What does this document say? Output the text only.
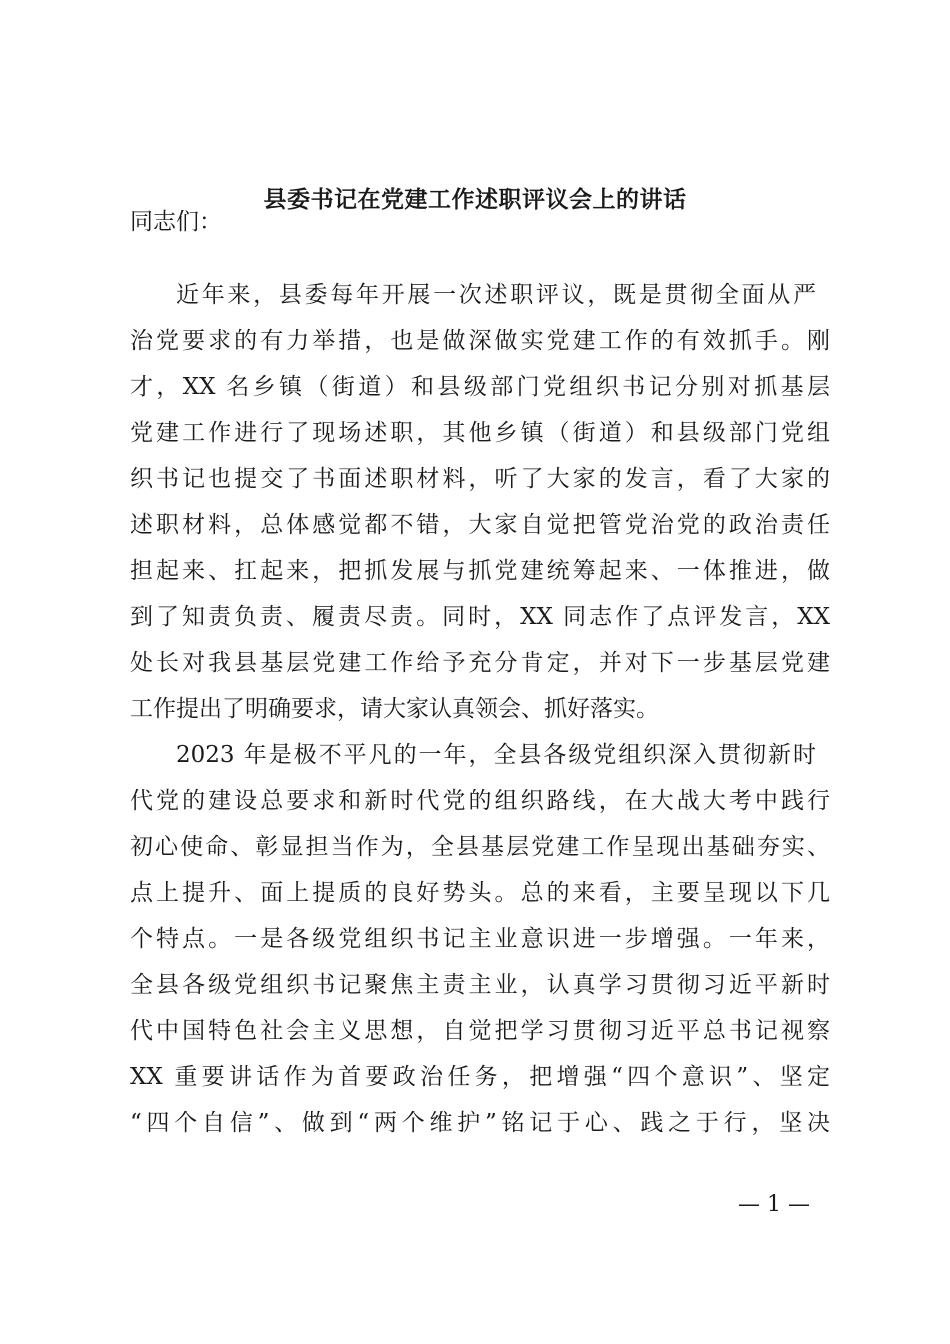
县委书记在党建工作述职评议会上的讲话
同志们：
近年来，县委每年开展一次述职评议，既是贯彻全面从严
治党要求的有力举措，也是做深做实党建工作的有效抓手。刚
才，XX 名乡镇（街道）和县级部门党组织书记分别对抓基层
党建工作进行了现场述职，其他乡镇（街道）和县级部门党组
织书记也提交了书面述职材料，听了大家的发言，看了大家的
述职材料，总体感觉都不错，大家自觉把管党治党的政治责任
担起来、扛起来，把抓发展与抓党建统筹起来、一体推进，做
到了知责负责、履责尽责。同时，XX 同志作了点评发言，XX
处长对我县基层党建工作给予充分肯定，并对下一步基层党建
工作提出了明确要求，请大家认真领会、抓好落实。
2023 年是极不平凡的一年，全县各级党组织深入贯彻新时
代党的建设总要求和新时代党的组织路线，在大战大考中践行
初心使命、彰显担当作为，全县基层党建工作呈现出基础夯实、
点上提升、面上提质的良好势头。总的来看，主要呈现以下几
个特点。一是各级党组织书记主业意识进一步增强。一年来，
全县各级党组织书记聚焦主责主业，认真学习贯彻习近平新时
代中国特色社会主义思想，自觉把学习贯彻习近平总书记视察
XX 重要讲话作为首要政治任务，把增强“四个意识”、坚定
“四个自信”、做到“两个维护”铭记于心、践之于行，坚决
— 1 —
